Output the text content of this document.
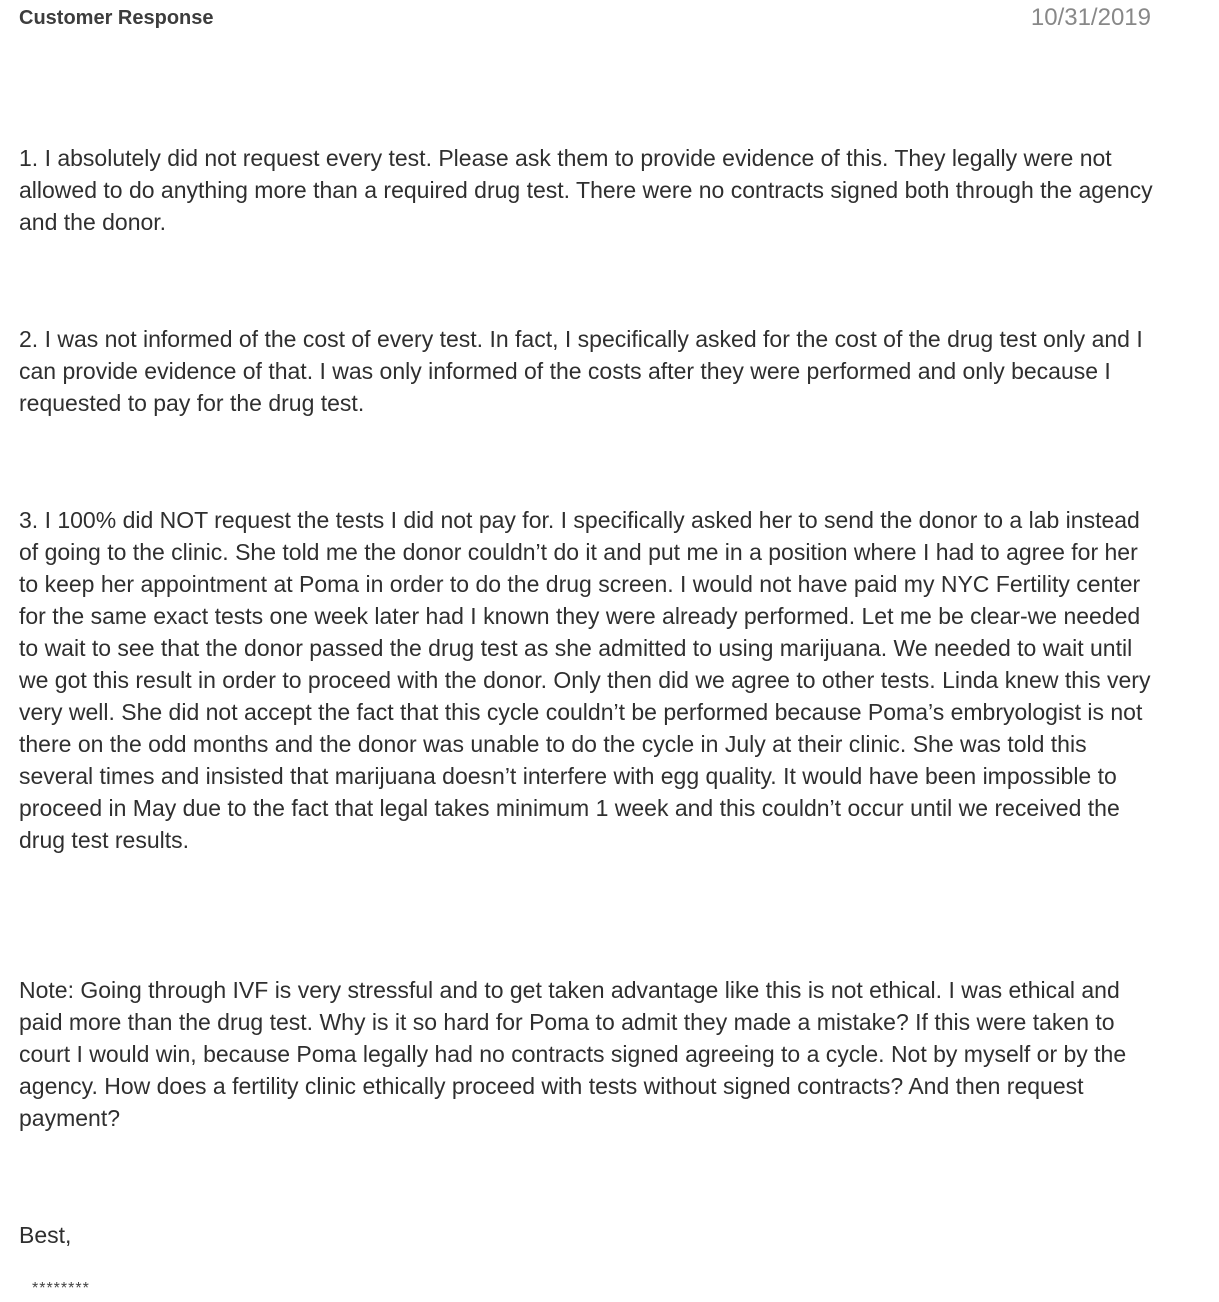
Customer Response	10/31/2019

1. I absolutely did not request every test. Please ask them to provide evidence of this. They legally were not allowed to do anything more than a required drug test. There were no contracts signed both through the agency and the donor.

2. I was not informed of the cost of every test. In fact, I specifically asked for the cost of the drug test only and I can provide evidence of that. I was only informed of the costs after they were performed and only because I requested to pay for the drug test.

3. I 100% did NOT request the tests I did not pay for. I specifically asked her to send the donor to a lab instead of going to the clinic. She told me the donor couldn’t do it and put me in a position where I had to agree for her to keep her appointment at Poma in order to do the drug screen. I would not have paid my NYC Fertility center for the same exact tests one week later had I known they were already performed. Let me be clear-we needed to wait to see that the donor passed the drug test as she admitted to using marijuana. We needed to wait until we got this result in order to proceed with the donor. Only then did we agree to other tests. Linda knew this very very well. She did not accept the fact that this cycle couldn’t be performed because Poma’s embryologist is not there on the odd months and the donor was unable to do the cycle in July at their clinic. She was told this several times and insisted that marijuana doesn’t interfere with egg quality. It would have been impossible to proceed in May due to the fact that legal takes minimum 1 week and this couldn’t occur until we received the drug test results.

Note: Going through IVF is very stressful and to get taken advantage like this is not ethical. I was ethical and paid more than the drug test. Why is it so hard for Poma to admit they made a mistake? If this were taken to court I would win, because Poma legally had no contracts signed agreeing to a cycle. Not by myself or by the agency. How does a fertility clinic ethically proceed with tests without signed contracts? And then request payment?

Best,

********
